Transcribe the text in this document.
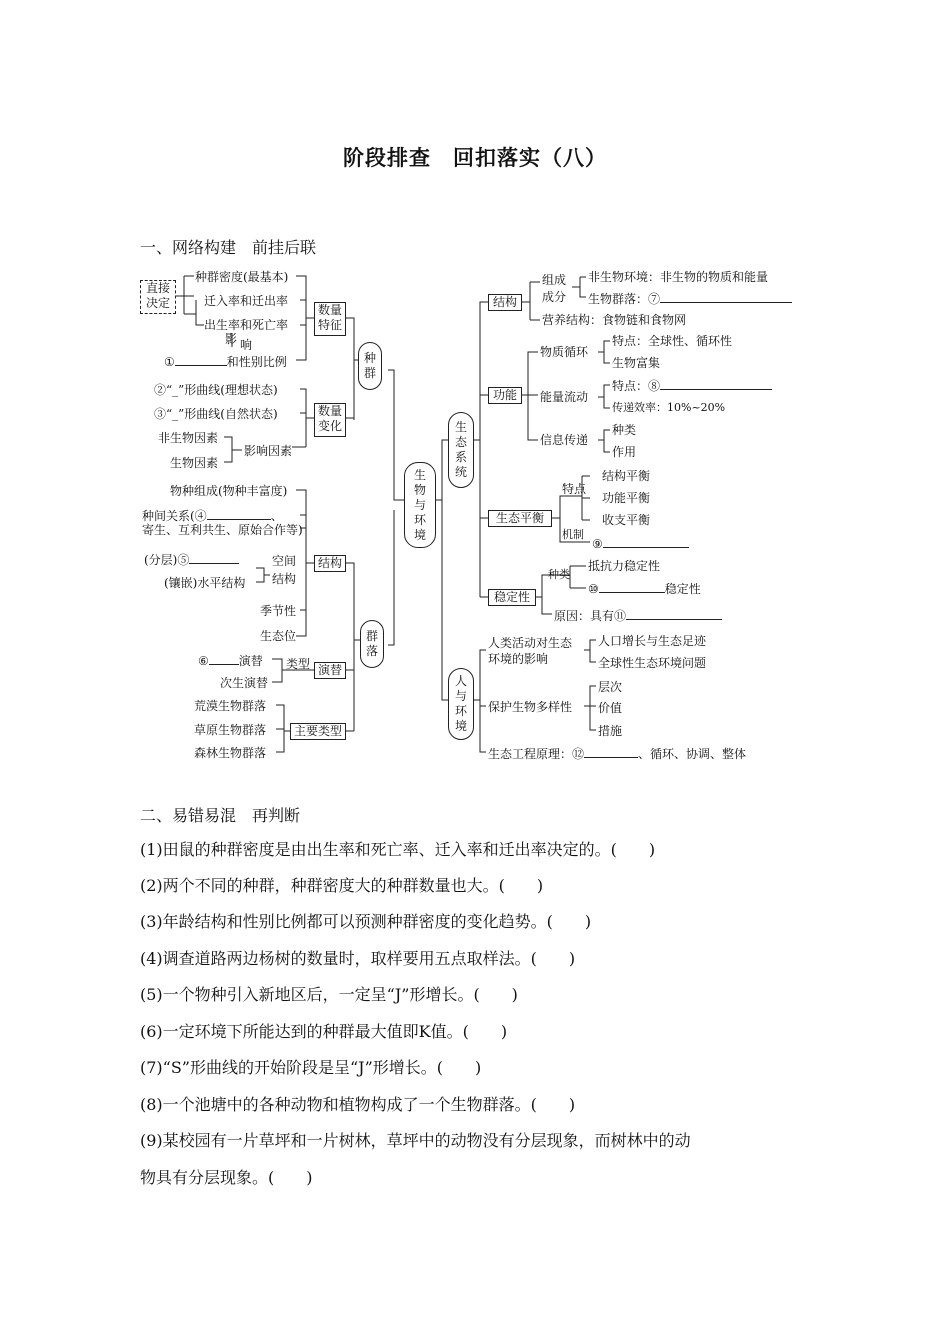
阶段排查　回扣落实（八）
一、网络构建　前挂后联
直接
决定
种群密度(最基本)
迁入率和迁出率
出生率和死亡率
影 响
①	和性别比例
数量
特征
种
群
②“_”形曲线(理想状态)
③“_”形曲线(自然状态)	数量
变化
非生物因素
生物因素
影响因素
物种组成(物种丰富度)
种间关系(④	、
寄生、互利共生、原始合作等)
(分层)⑤
(镶嵌)水平结构
空间
结构
结构
季节性
生态位	群
落
⑥	演替 类型
次生演替
演替
荒漠生物群落
草原生物群落
森林生物群落
主要类型
生
物
与
环
境
生
态
系
统
人
与
环
境
结构
组成
成分
非生物环境：非生物的物质和能量
生物群落：⑦
营养结构：食物链和食物网
物质循环
特点：全球性、循环性
生物富集
功能	能量流动
特点：⑧
传递效率：10%~20%
信息传递
种类
作用
特点
结构平衡
功能平衡
收支平衡
生态平衡
机制
⑨
种类
抵抗力稳定性
⑩	稳定性
稳定性
原因：具有⑪
人类活动对生态
环境的影响
人口增长与生态足迹
全球性生态环境问题
保护生物多样性
层次
价值
措施
生态工程原理：⑫	、循环、协调、整体
二、易错易混　再判断
(1)田鼠的种群密度是由出生率和死亡率、迁入率和迁出率决定的。(　　)
(2)两个不同的种群，种群密度大的种群数量也大。(　　)
(3)年龄结构和性别比例都可以预测种群密度的变化趋势。(　　)
(4)调查道路两边杨树的数量时，取样要用五点取样法。(　　)
(5)一个物种引入新地区后，一定呈“J”形增长。(　　)
(6)一定环境下所能达到的种群最大值即K值。(　　)
(7)“S”形曲线的开始阶段是呈“J”形增长。(　　)
(8)一个池塘中的各种动物和植物构成了一个生物群落。(　　)
(9)某校园有一片草坪和一片树林，草坪中的动物没有分层现象，而树林中的动
物具有分层现象。(　　)
